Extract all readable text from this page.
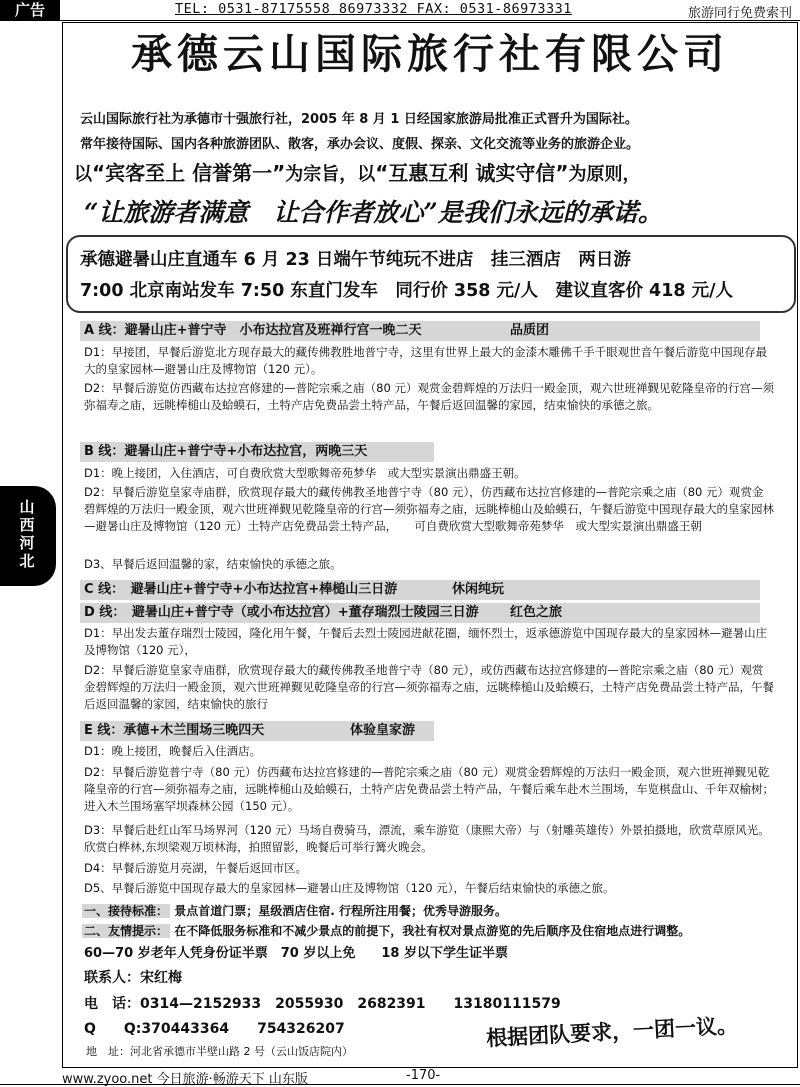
广告	TEL: 0531-87175558 86973332 FAX: 0531-86973331	旅游同行免费索刊
承德云山国际旅行社有限公司
云山国际旅行社为承德市十强旅行社，2005 年 8 月 1 日经国家旅游局批准正式晋升为国际社。
常年接待国际、国内各种旅游团队、散客，承办会议、度假、探亲、文化交流等业务的旅游企业。
以“宾客至上 信誉第一”为宗旨，以“互惠互利 诚实守信”为原则，
“让旅游者满意　让合作者放心”是我们永远的承诺。
承德避暑山庄直通车 6 月 23 日端午节纯玩不进店　挂三酒店　两日游
7:00 北京南站发车 7:50 东直门发车　同行价 358 元/人　建议直客价 418 元/人
A 线：避暑山庄+普宁寺　小布达拉宫及班禅行宫一晚二天	品质团
D1：早接团，早餐后游览北方现存最大的藏传佛教胜地普宁寺，这里有世界上最大的金漆木雕佛千手千眼观世音午餐后游览中国现存最大的皇家园林—避暑山庄及博物馆（120 元）。
D2：早餐后游览仿西藏布达拉宫修建的—普陀宗乘之庙（80 元）观赏金碧辉煌的万法归一殿金顶，观六世班禅觐见乾隆皇帝的行宫—须弥福寿之庙，远眺棒槌山及蛤蟆石，土特产店免费品尝土特产品，午餐后返回温馨的家园，结束愉快的承德之旅。
B 线：避暑山庄+普宁寺+小布达拉宫，两晚三天
D1：晚上接团，入住酒店，可自费欣赏大型歌舞帝苑梦华　或大型实景演出鼎盛王朝。
D2：早餐后游览皇家寺庙群，欣赏现存最大的藏传佛教圣地普宁寺（80 元），仿西藏布达拉宫修建的—普陀宗乘之庙（80 元）观赏金碧辉煌的万法归一殿金顶，观六世班禅觐见乾隆皇帝的行宫—须弥福寿之庙，远眺棒槌山及蛤蟆石，午餐后游览中国现存最大的皇家园林—避暑山庄及博物馆（120 元）土特产店免费品尝土特产品，　　可自费欣赏大型歌舞帝苑梦华　或大型实景演出鼎盛王朝
D3、早餐后返回温馨的家，结束愉快的承德之旅。
C 线：　避暑山庄+普宁寺+小布达拉宫+棒槌山三日游	休闲纯玩
D 线：　避暑山庄+普宁寺（或小布达拉宫）+董存瑞烈士陵园三日游 红色之旅
D1：早出发去董存瑞烈士陵园，隆化用午餐，午餐后去烈士陵园进献花圈，缅怀烈士，返承德游览中国现存最大的皇家园林—避暑山庄及博物馆（120 元），
D2：早餐后游览皇家寺庙群，欣赏现存最大的藏传佛教圣地普宁寺（80 元），或仿西藏布达拉宫修建的—普陀宗乘之庙（80 元）观赏金碧辉煌的万法归一殿金顶，观六世班禅觐见乾隆皇帝的行宫—须弥福寿之庙，远眺棒槌山及蛤蟆石，土特产店免费品尝土特产品，午餐后返回温馨的家园，结束愉快的旅行
E 线：承德+木兰围场三晚四天	体验皇家游
D1：晚上接团，晚餐后入住酒店。
D2：早餐后游览普宁寺（80 元）仿西藏布达拉宫修建的—普陀宗乘之庙（80 元）观赏金碧辉煌的万法归一殿金顶，观六世班禅觐见乾隆皇帝的行宫—须弥福寿之庙，远眺棒槌山及蛤蟆石，土特产店免费品尝土特产品，午餐后乘车赴木兰围场，车览棋盘山、千年双榆树；进入木兰围场塞罕坝森林公园（150 元）。
D3：早餐后赴红山军马场界河（120 元）马场自费骑马，漂流，乘车游览（康熙大帝）与（射雕英雄传）外景拍摄地，欣赏草原风光。欣赏白桦林,东坝梁观万顷林海，拍照留影，晚餐后可举行篝火晚会。
D4：早餐后游览月亮湖，午餐后返回市区。
D5、早餐后游览中国现存最大的皇家园林—避暑山庄及博物馆（120 元），午餐后结束愉快的承德之旅。
一、接待标准： 景点首道门票；星级酒店住宿. 行程所注用餐；优秀导游服务。
二、友情提示： 在不降低服务标准和不减少景点的前提下，我社有权对景点游览的先后顺序及住宿地点进行调整。
60—70 岁老年人凭身份证半票　70 岁以上免　　18 岁以下学生证半票
联系人：宋红梅
电　话：0314—2152933　2055930　2682391　　13180111579
Q　　Q:370443364　　754326207
地　址：河北省承德市半壁山路 2 号（云山饭店院内）
根据团队要求，一团一议。
山西河北
www.zyoo.net 今日旅游·畅游天下 山东版	-170-
